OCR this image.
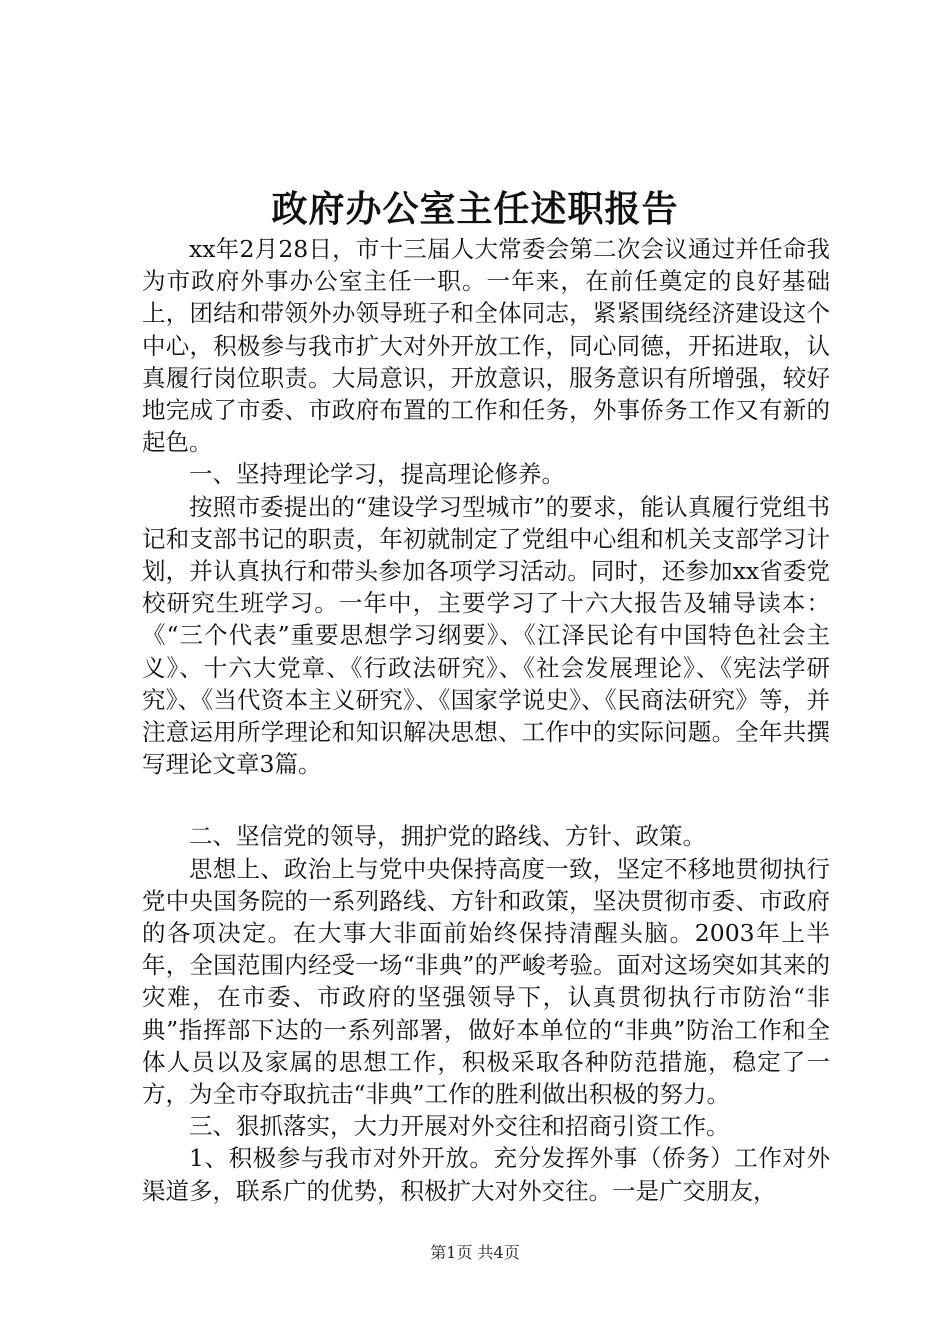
政府办公室主任述职报告

xx年2月28日，市十三届人大常委会第二次会议通过并任命我为市政府外事办公室主任一职。一年来，在前任奠定的良好基础上，团结和带领外办领导班子和全体同志，紧紧围绕经济建设这个中心，积极参与我市扩大对外开放工作，同心同德，开拓进取，认真履行岗位职责。大局意识，开放意识，服务意识有所增强，较好地完成了市委、市政府布置的工作和任务，外事侨务工作又有新的起色。

一、坚持理论学习，提高理论修养。

按照市委提出的“建设学习型城市”的要求，能认真履行党组书记和支部书记的职责，年初就制定了党组中心组和机关支部学习计划，并认真执行和带头参加各项学习活动。同时，还参加xx省委党校研究生班学习。一年中，主要学习了十六大报告及辅导读本：《“三个代表”重要思想学习纲要》、《江泽民论有中国特色社会主义》、十六大党章、《行政法研究》、《社会发展理论》、《宪法学研究》、《当代资本主义研究》、《国家学说史》、《民商法研究》等，并注意运用所学理论和知识解决思想、工作中的实际问题。全年共撰写理论文章3篇。

二、坚信党的领导，拥护党的路线、方针、政策。

思想上、政治上与党中央保持高度一致，坚定不移地贯彻执行党中央国务院的一系列路线、方针和政策，坚决贯彻市委、市政府的各项决定。在大事大非面前始终保持清醒头脑。2003年上半年，全国范围内经受一场“非典”的严峻考验。面对这场突如其来的灾难，在市委、市政府的坚强领导下，认真贯彻执行市防治“非典”指挥部下达的一系列部署，做好本单位的“非典”防治工作和全体人员以及家属的思想工作，积极采取各种防范措施，稳定了一方，为全市夺取抗击“非典”工作的胜利做出积极的努力。

三、狠抓落实，大力开展对外交往和招商引资工作。

1、积极参与我市对外开放。充分发挥外事（侨务）工作对外渠道多，联系广的优势，积极扩大对外交往。一是广交朋友，

第1页 共4页
